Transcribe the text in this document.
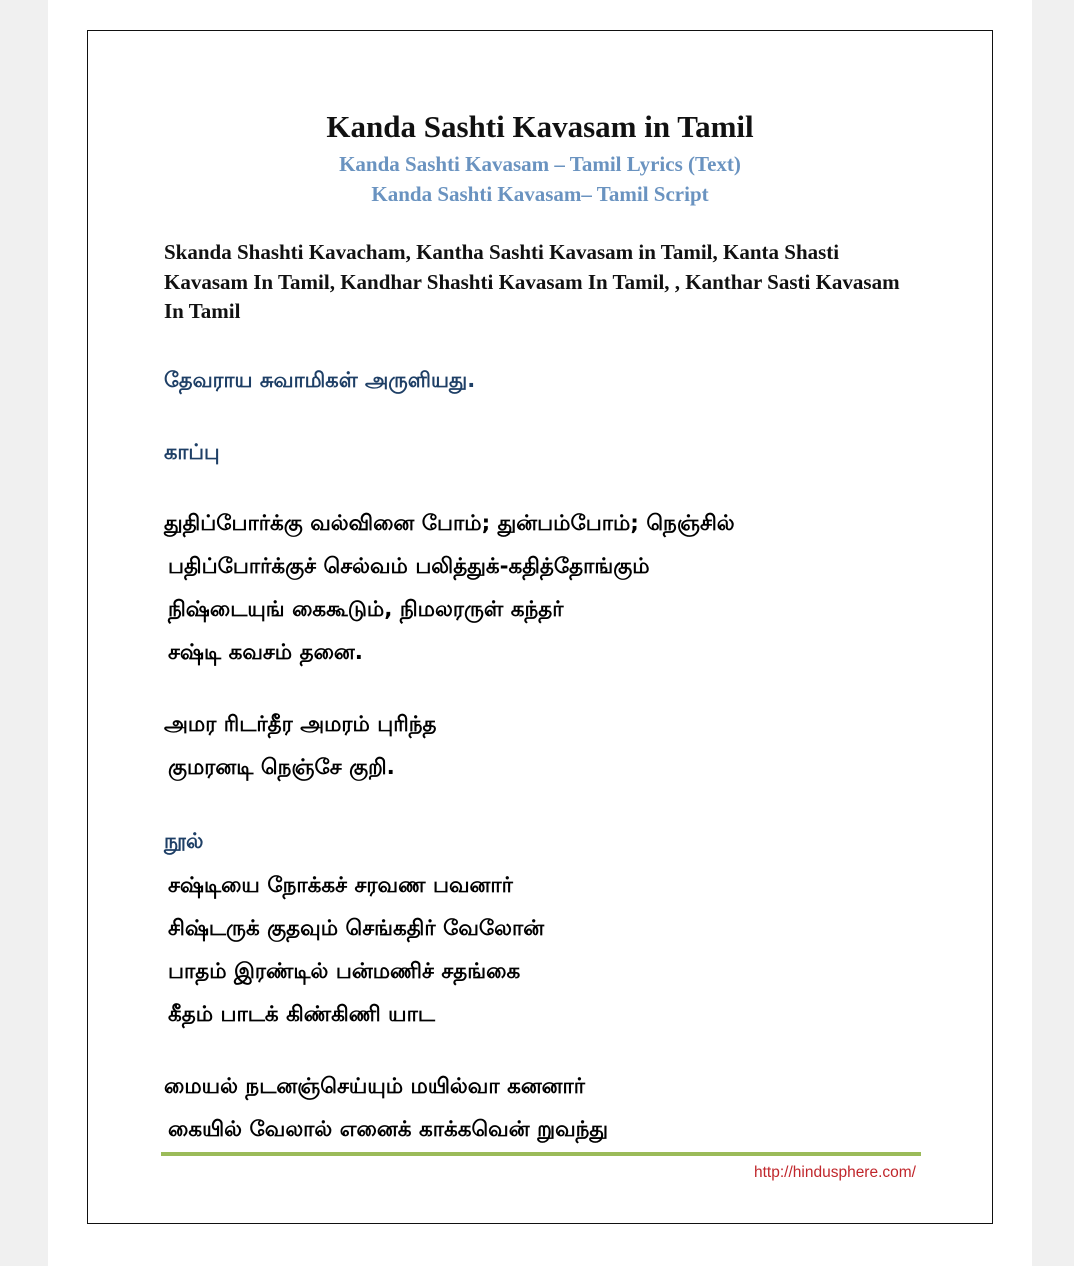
Kanda Sashti Kavasam in Tamil

Kanda Sashti Kavasam – Tamil Lyrics (Text)

Kanda Sashti Kavasam– Tamil Script

Skanda Shashti Kavacham, Kantha Sashti Kavasam in Tamil, Kanta Shasti Kavasam In Tamil, Kandhar Shashti Kavasam In Tamil, , Kanthar Sasti Kavasam In Tamil

தேவராய சுவாமிகள் அருளியது.

காப்பு

துதிப்போர்க்கு வல்வினை போம்; துன்பம்போம்; நெஞ்சில்
பதிப்போர்க்குச் செல்வம் பலித்துக்-கதித்தோங்கும்
நிஷ்டையுங் கைகூடும், நிமலரருள் கந்தர்
சஷ்டி கவசம் தனை.
அமர ரிடர்தீர அமரம் புரிந்த
குமரனடி நெஞ்சே குறி.

நூல்

சஷ்டியை நோக்கச் சரவண பவனார்
சிஷ்டருக் குதவும் செங்கதிர் வேலோன்
பாதம் இரண்டில் பன்மணிச் சதங்கை
கீதம் பாடக் கிண்கிணி யாட
மையல் நடனஞ்செய்யும் மயில்வா கனனார்
கையில் வேலால் எனைக் காக்கவென் றுவந்து

http://hindusphere.com/
